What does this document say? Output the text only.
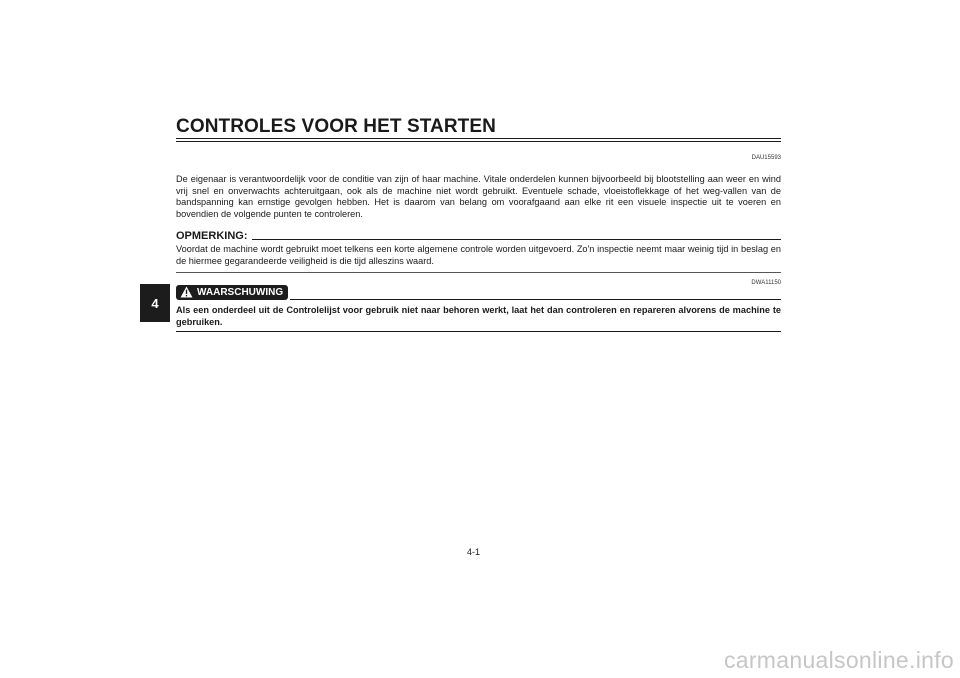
4
CONTROLES VOOR HET STARTEN
DAU15593

De eigenaar is verantwoordelijk voor de conditie van zijn of haar machine. Vitale onderdelen kunnen bijvoorbeeld bij blootstelling aan weer en wind vrij snel en onverwachts achteruitgaan, ook als de machine niet wordt gebruikt. Eventuele schade, vloeistoflekkage of het weg-vallen van de bandspanning kan ernstige gevolgen hebben. Het is daarom van belang om voorafgaand aan elke rit een visuele inspectie uit te voeren en bovendien de volgende punten te controleren.

OPMERKING:

Voordat de machine wordt gebruikt moet telkens een korte algemene controle worden uitgevoerd. Zo'n inspectie neemt maar weinig tijd in beslag en de hiermee gegarandeerde veiligheid is die tijd alleszins waard.

DWA11150
WAARSCHUWING

Als een onderdeel uit de Controlelijst voor gebruik niet naar behoren werkt, laat het dan controleren en repareren alvorens de machine te gebruiken.

4-1
carmanualsonline.info
